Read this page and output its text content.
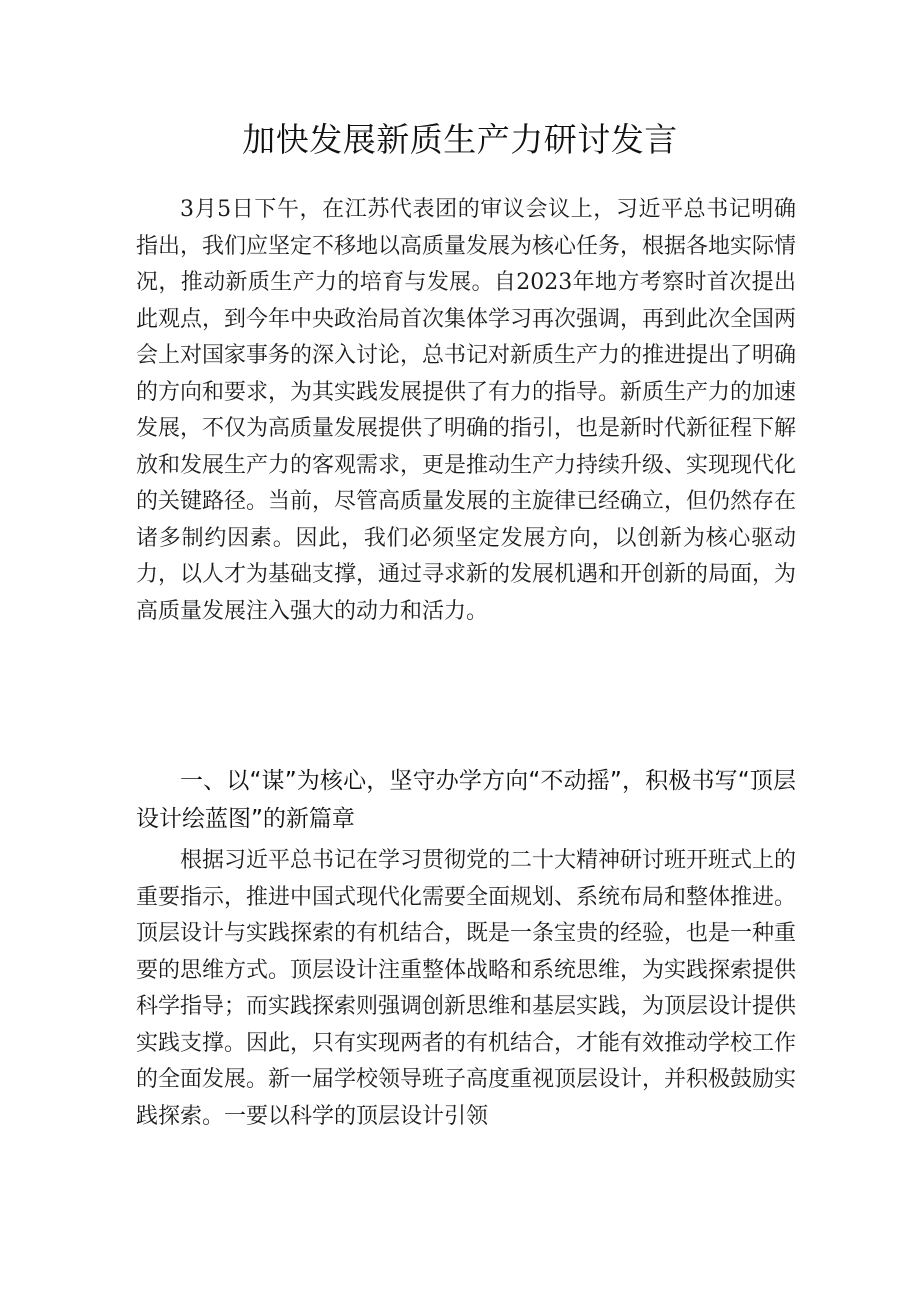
加快发展新质生产力研讨发言

3月5日下午，在江苏代表团的审议会议上，习近平总书记明确指出，我们应坚定不移地以高质量发展为核心任务，根据各地实际情况，推动新质生产力的培育与发展。自2023年地方考察时首次提出此观点，到今年中央政治局首次集体学习再次强调，再到此次全国两会上对国家事务的深入讨论，总书记对新质生产力的推进提出了明确的方向和要求，为其实践发展提供了有力的指导。新质生产力的加速发展，不仅为高质量发展提供了明确的指引，也是新时代新征程下解放和发展生产力的客观需求，更是推动生产力持续升级、实现现代化的关键路径。当前，尽管高质量发展的主旋律已经确立，但仍然存在诸多制约因素。因此，我们必须坚定发展方向，以创新为核心驱动力，以人才为基础支撑，通过寻求新的发展机遇和开创新的局面，为高质量发展注入强大的动力和活力。

一、以“谋”为核心，坚守办学方向“不动摇”，积极书写“顶层设计绘蓝图”的新篇章

根据习近平总书记在学习贯彻党的二十大精神研讨班开班式上的重要指示，推进中国式现代化需要全面规划、系统布局和整体推进。顶层设计与实践探索的有机结合，既是一条宝贵的经验，也是一种重要的思维方式。顶层设计注重整体战略和系统思维，为实践探索提供科学指导；而实践探索则强调创新思维和基层实践，为顶层设计提供实践支撑。因此，只有实现两者的有机结合，才能有效推动学校工作的全面发展。新一届学校领导班子高度重视顶层设计，并积极鼓励实践探索。一要以科学的顶层设计引领
